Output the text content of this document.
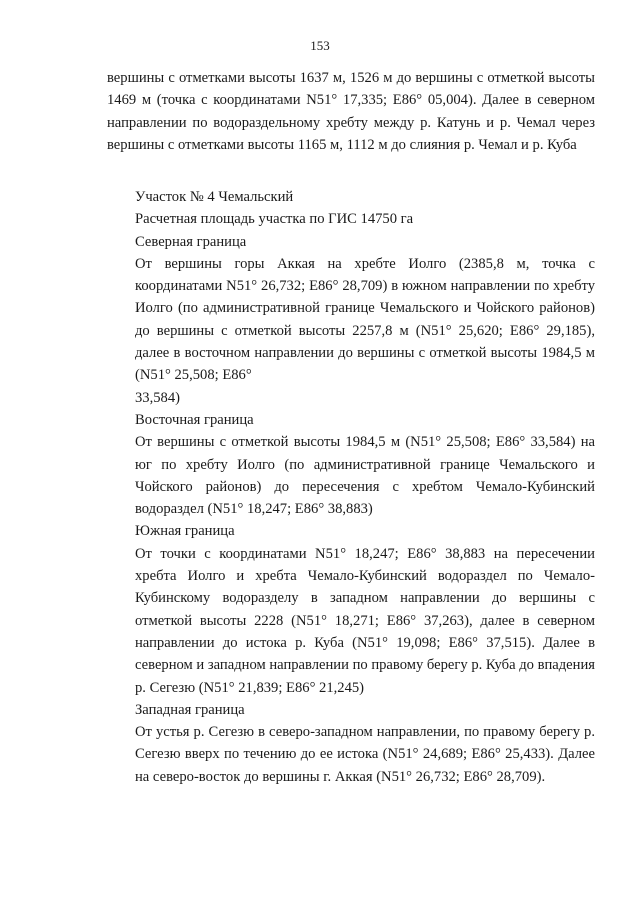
153

вершины с отметками высоты 1637 м, 1526 м до вершины с отметкой высоты 1469 м (точка с координатами N51° 17,335; E86° 05,004). Далее в северном направлении по водораздельному хребту между р. Катунь и р. Чемал через вершины с отметками высоты 1165 м, 1112 м до слияния р. Чемал и р. Куба

Участок № 4 Чемальский

Расчетная площадь участка по ГИС 14750 га

Северная граница

От вершины горы Аккая на хребте Иолго (2385,8 м, точка с координатами N51° 26,732; E86° 28,709) в южном направлении по хребту Иолго (по административной границе Чемальского и Чойского районов) до вершины с отметкой высоты 2257,8 м (N51° 25,620; E86° 29,185), далее в восточном направлении до вершины с отметкой высоты 1984,5 м (N51° 25,508; E86°

33,584)

Восточная граница

От вершины с отметкой высоты 1984,5 м (N51° 25,508; E86° 33,584) на юг по хребту Иолго (по административной границе Чемальского и Чойского районов) до пересечения с хребтом Чемало-Кубинский водораздел (N51° 18,247; E86° 38,883)

Южная граница

От точки с координатами N51° 18,247; E86° 38,883 на пересечении хребта Иолго и хребта Чемало-Кубинский водораздел по Чемало-Кубинскому водоразделу в западном направлении до вершины с отметкой высоты 2228 (N51° 18,271; E86° 37,263), далее в северном направлении до истока р. Куба (N51° 19,098; E86° 37,515). Далее в северном и западном направлении по правому берегу р. Куба до впадения р. Сегезю (N51° 21,839; E86° 21,245)

Западная граница

От устья р. Сегезю в северо-западном направлении, по правому берегу р. Сегезю вверх по течению до ее истока (N51° 24,689; E86° 25,433). Далее на северо-восток до вершины г. Аккая (N51° 26,732; E86° 28,709).
